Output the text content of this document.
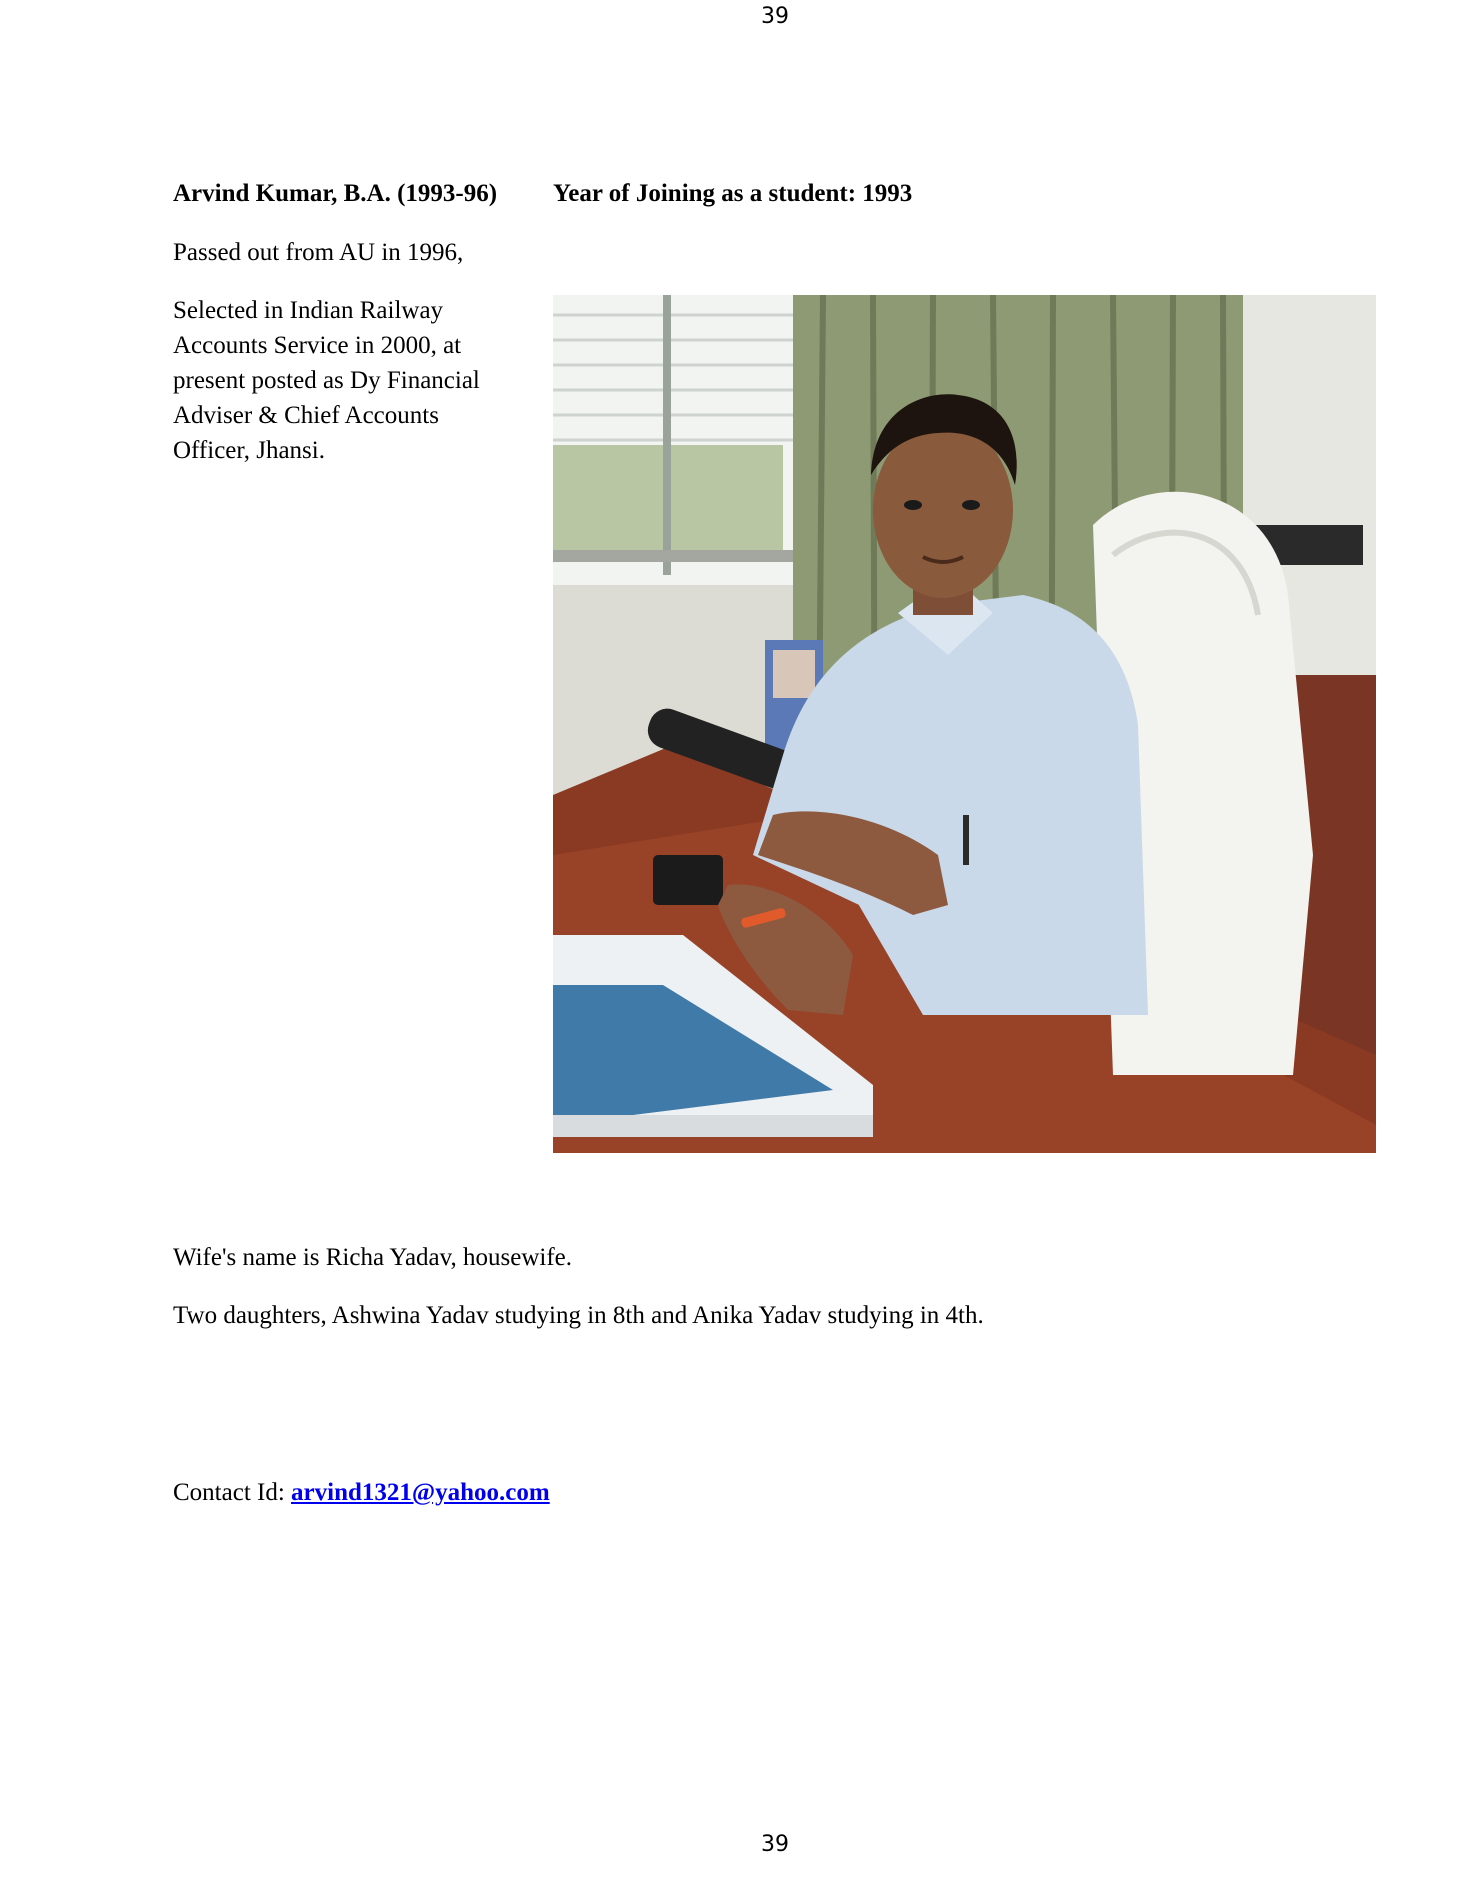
39

Arvind Kumar, B.A. (1993-96) Year of Joining as a student: 1993

Passed out from AU in 1996,

Selected in Indian Railway Accounts Service in 2000, at present posted as Dy Financial Adviser & Chief Accounts Officer, Jhansi.

Wife's name is Richa Yadav, housewife.

Two daughters, Ashwina Yadav studying in 8th and Anika Yadav studying in 4th.

Contact Id: arvind1321@yahoo.com

39
